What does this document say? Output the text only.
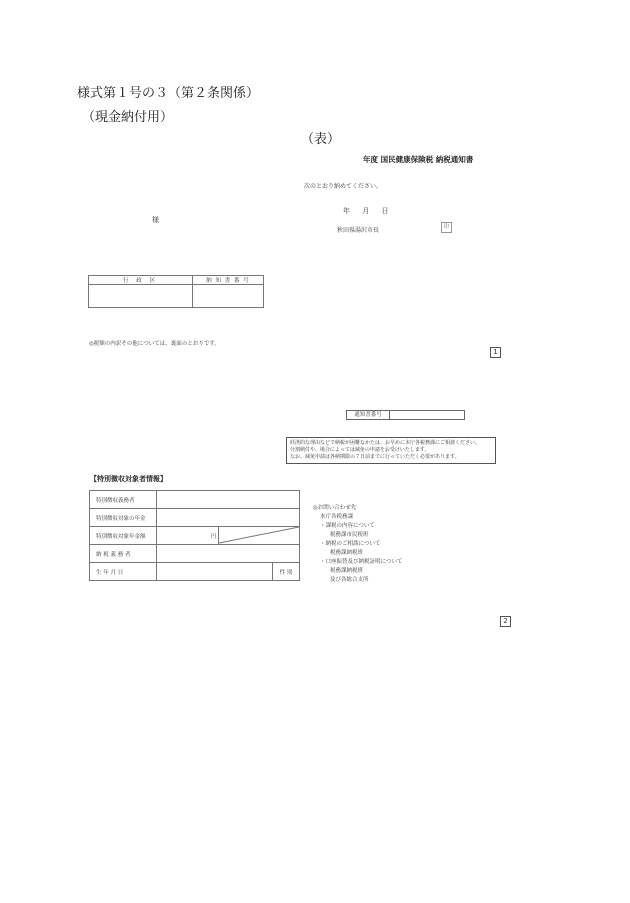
様式第１号の３（第２条関係）
（現金納付用）
（表）
年度 国民健康保険税 納税通知書
次のとおり納めてください。
年 月 日
秋田県湯沢市長	印
様
行 政 区	納 知 書 番 号

◎税額の内訳その他については、裏面のとおりです。
1
通知書番号
経済的な理由などで納税が困難なかたは、お早めに本庁各税務課にご相談ください。
分割納付や、場合によっては減免の申請をお受けいたします。
なお、減免申請は各納期限の７日前までに行っていただく必要があります。
【特別徴収対象者情報】
特別徴収義務者			
特別徴収対象の年金			
特別徴収対象年金額	円	

納 税 義 務 者			
生 年 月 日			性 別
◎お問い合わせ先
本庁各税務課
・課税の内容について
税務課市民税班
・納税のご相談について
税務課納税班
・口座振替及び納税証明について
税務課納税班
及び各総合支所
2
